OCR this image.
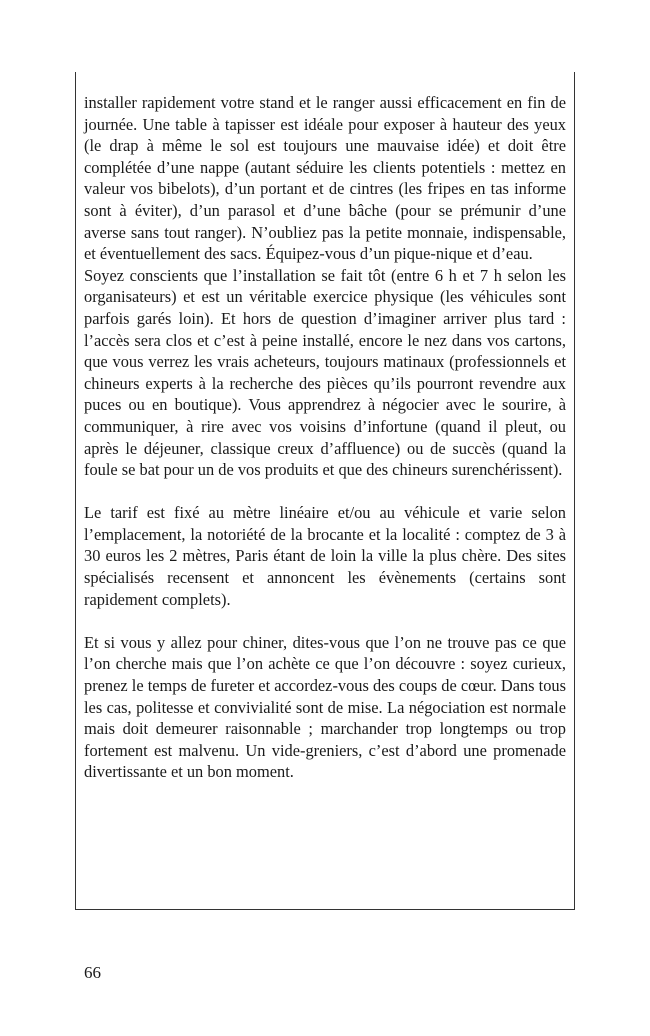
installer rapidement votre stand et le ranger aussi efficacement en fin de journée. Une table à tapisser est idéale pour exposer à hauteur des yeux (le drap à même le sol est toujours une mauvaise idée) et doit être complétée d’une nappe (autant séduire les clients potentiels : mettez en valeur vos bibelots), d’un portant et de cintres (les fripes en tas informe sont à éviter), d’un parasol et d’une bâche (pour se prémunir d’une averse sans tout ranger). N’oubliez pas la petite monnaie, indispensable, et éventuellement des sacs. Équipez-vous d’un pique-nique et d’eau.

Soyez conscients que l’installation se fait tôt (entre 6 h et 7 h selon les organisateurs) et est un véritable exercice physique (les véhicules sont parfois garés loin). Et hors de question d’imaginer arriver plus tard : l’accès sera clos et c’est à peine installé, encore le nez dans vos cartons, que vous verrez les vrais acheteurs, toujours matinaux (professionnels et chineurs experts à la recherche des pièces qu’ils pourront revendre aux puces ou en boutique). Vous apprendrez à négocier avec le sourire, à communiquer, à rire avec vos voisins d’infortune (quand il pleut, ou après le déjeuner, classique creux d’affluence) ou de succès (quand la foule se bat pour un de vos produits et que des chineurs surenchérissent).

Le tarif est fixé au mètre linéaire et/ou au véhicule et varie selon l’emplacement, la notoriété de la brocante et la localité : comptez de 3 à 30 euros les 2 mètres, Paris étant de loin la ville la plus chère. Des sites spécialisés recensent et annoncent les évènements (certains sont rapidement complets).

Et si vous y allez pour chiner, dites-vous que l’on ne trouve pas ce que l’on cherche mais que l’on achète ce que l’on découvre : soyez curieux, prenez le temps de fureter et accordez-vous des coups de cœur. Dans tous les cas, politesse et convivialité sont de mise. La négociation est normale mais doit demeurer raisonnable ; marchander trop longtemps ou trop fortement est malvenu. Un vide-greniers, c’est d’abord une promenade divertissante et un bon moment.

66
